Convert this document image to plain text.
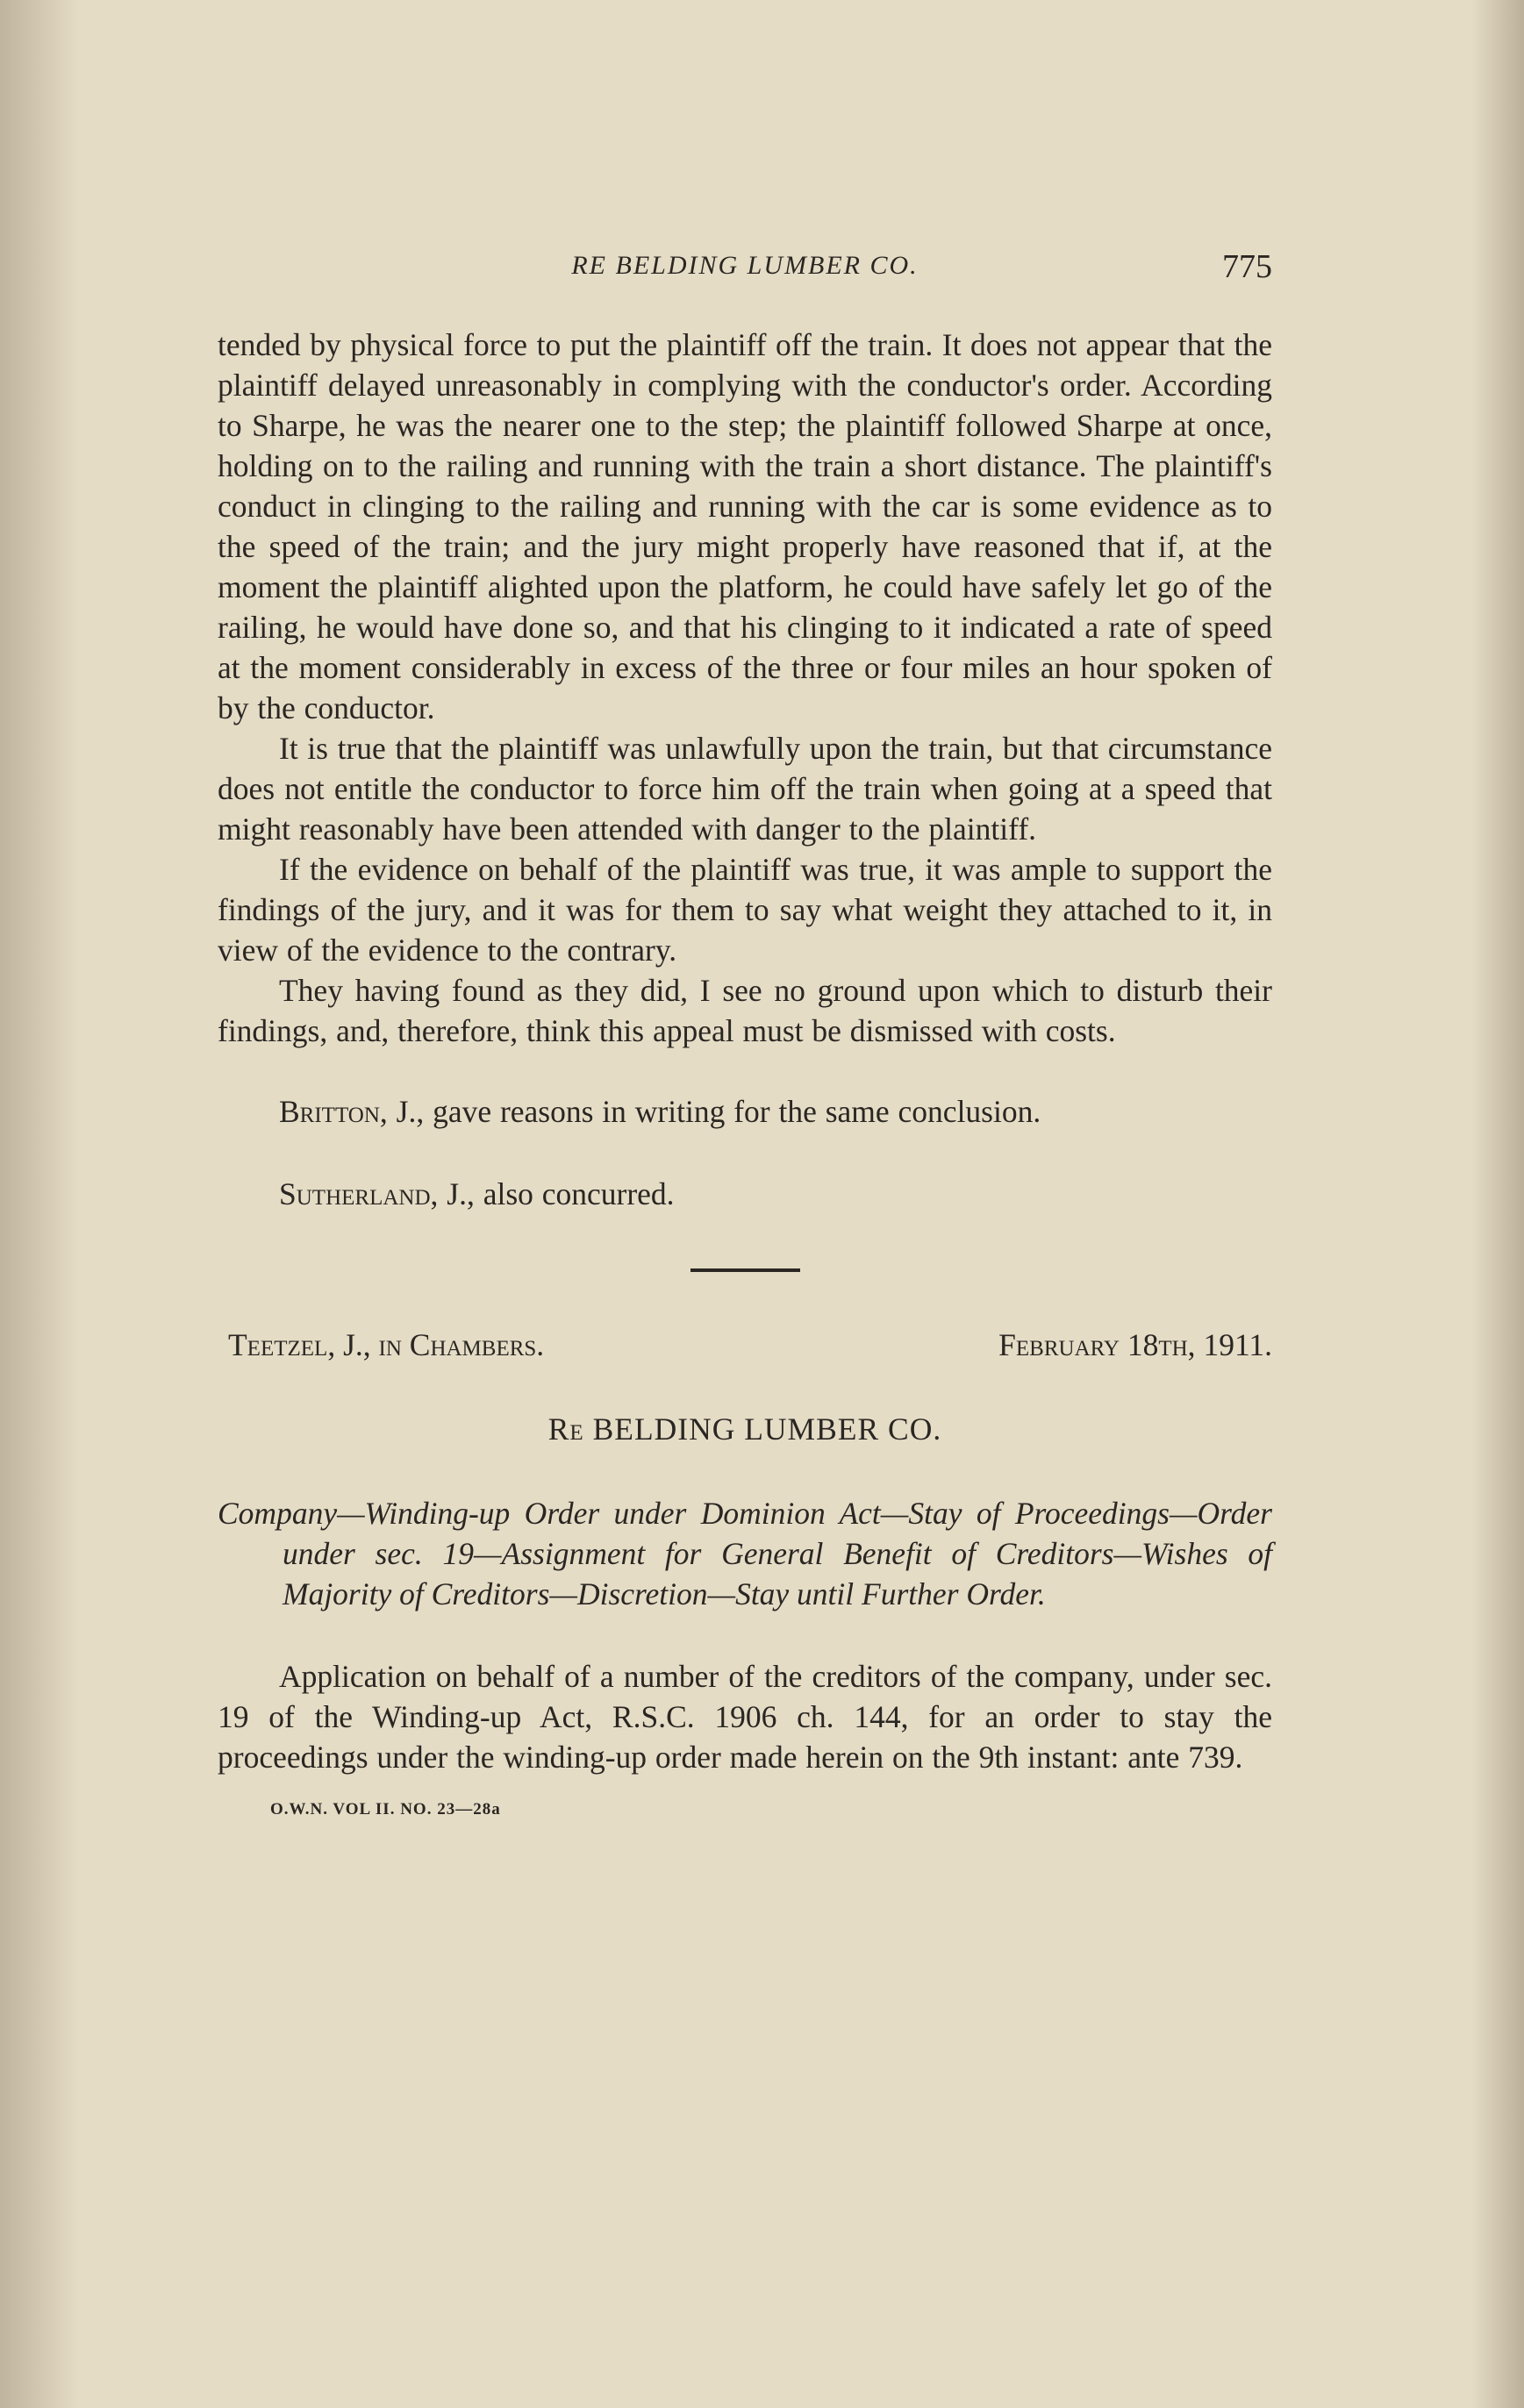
RE BELDING LUMBER CO.	775

tended by physical force to put the plaintiff off the train. It does not appear that the plaintiff delayed unreasonably in complying with the conductor's order. According to Sharpe, he was the nearer one to the step; the plaintiff followed Sharpe at once, holding on to the railing and running with the train a short distance. The plaintiff's conduct in clinging to the railing and running with the car is some evidence as to the speed of the train; and the jury might properly have reasoned that if, at the moment the plaintiff alighted upon the platform, he could have safely let go of the railing, he would have done so, and that his clinging to it indicated a rate of speed at the moment considerably in excess of the three or four miles an hour spoken of by the conductor.

It is true that the plaintiff was unlawfully upon the train, but that circumstance does not entitle the conductor to force him off the train when going at a speed that might reasonably have been attended with danger to the plaintiff.

If the evidence on behalf of the plaintiff was true, it was ample to support the findings of the jury, and it was for them to say what weight they attached to it, in view of the evidence to the contrary.

They having found as they did, I see no ground upon which to disturb their findings, and, therefore, think this appeal must be dismissed with costs.

Britton, J., gave reasons in writing for the same conclusion.

Sutherland, J., also concurred.

Teetzel, J., in Chambers.	February 18th, 1911.
Re BELDING LUMBER CO.
Company—Winding-up Order under Dominion Act—Stay of Proceedings—Order under sec. 19—Assignment for General Benefit of Creditors—Wishes of Majority of Creditors—Discretion—Stay until Further Order.

Application on behalf of a number of the creditors of the company, under sec. 19 of the Winding-up Act, R.S.C. 1906 ch. 144, for an order to stay the proceedings under the winding-up order made herein on the 9th instant: ante 739.

O.W.N. VOL II. NO. 23—28a
